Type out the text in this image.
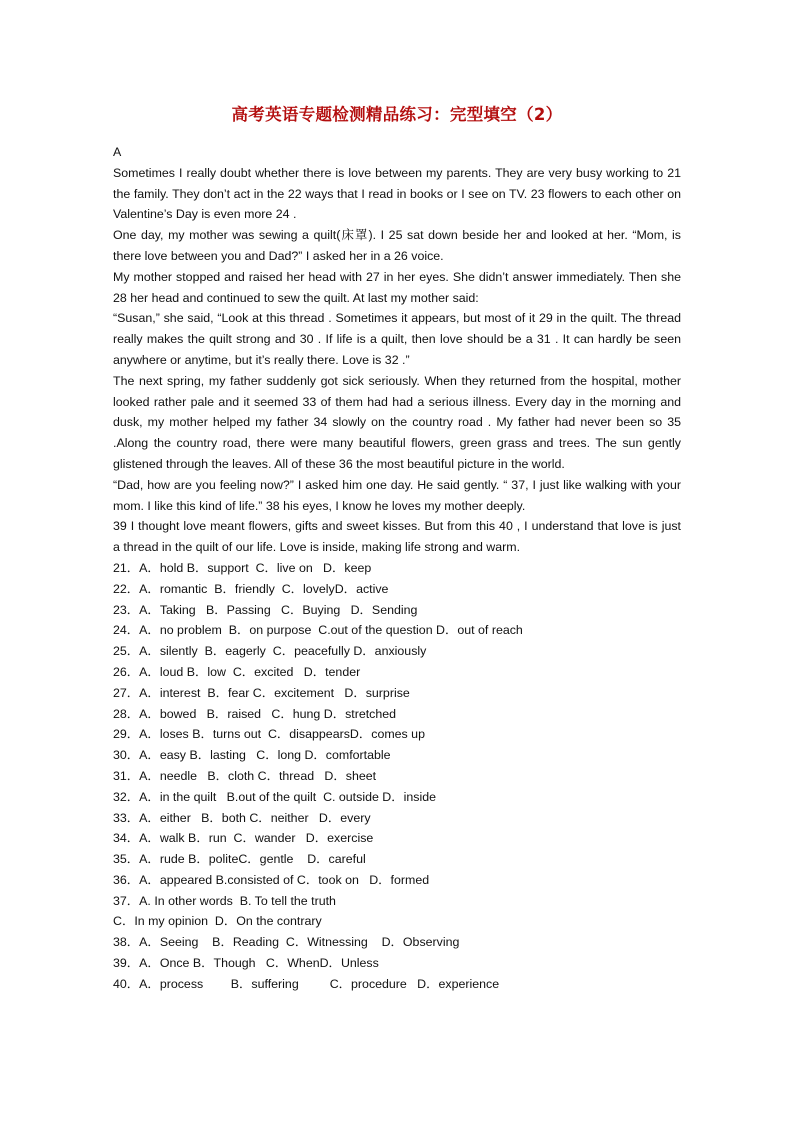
高考英语专题检测精品练习：完型填空（2）

A

Sometimes I really doubt whether there is love between my parents. They are very busy working to 21 the family. They don’t act in the 22 ways that I read in books or I see on TV. 23 flowers to each other on Valentine’s Day is even more 24 .

One day, my mother was sewing a quilt(床罩). I 25 sat down beside her and looked at her. “Mom, is there love between you and Dad?” I asked her in a 26 voice.

My mother stopped and raised her head with 27 in her eyes. She didn’t answer immediately. Then she 28 her head and continued to sew the quilt. At last my mother said:

“Susan,” she said, “Look at this thread . Sometimes it appears, but most of it 29 in the quilt. The thread really makes the quilt strong and 30 . If life is a quilt, then love should be a 31 . It can hardly be seen anywhere or anytime, but it’s really there. Love is 32 .”

The next spring, my father suddenly got sick seriously. When they returned from the hospital, mother looked rather pale and it seemed 33 of them had had a serious illness. Every day in the morning and dusk, my mother helped my father 34 slowly on the country road . My father had never been so 35 .Along the country road, there were many beautiful flowers, green grass and trees. The sun gently glistened through the leaves. All of these 36 the most beautiful picture in the world.

“Dad, how are you feeling now?” I asked him one day. He said gently. “ 37, I just like walking with your mom. I like this kind of life.” 38 his eyes, I know he loves my mother deeply.

39 I thought love meant flowers, gifts and sweet kisses. But from this 40 , I understand that love is just a thread in the quilt of our life. Love is inside, making life strong and warm.

21．A．hold B．support  C．live on   D．keep

22．A．romantic  B．friendly  C．lovelyD．active

23．A．Taking   B．Passing   C．Buying   D．Sending

24．A．no problem  B．on purpose  C.out of the question D．out of reach

25．A．silently  B．eagerly  C．peacefully D．anxiously

26．A．loud B．low  C．excited   D．tender

27．A．interest  B．fear C．excitement   D．surprise

28．A．bowed   B．raised   C．hung D．stretched

29．A．loses B．turns out  C．disappearsD．comes up

30．A．easy B．lasting   C．long D．comfortable

31．A．needle   B．cloth C．thread   D．sheet

32．A．in the quilt   B.out of the quilt  C. outside D．inside

33．A．either   B．both C．neither   D．every

34．A．walk B．run  C．wander   D．exercise

35．A．rude B．politeC．gentle    D．careful

36．A．appeared B.consisted of C．took on   D．formed

37．A. In other words  B. To tell the truth

C．In my opinion  D．On the contrary

38．A．Seeing    B．Reading  C．Witnessing    D．Observing

39．A．Once B．Though   C．WhenD．Unless

40．A．process        B．suffering         C．procedure   D．experience
